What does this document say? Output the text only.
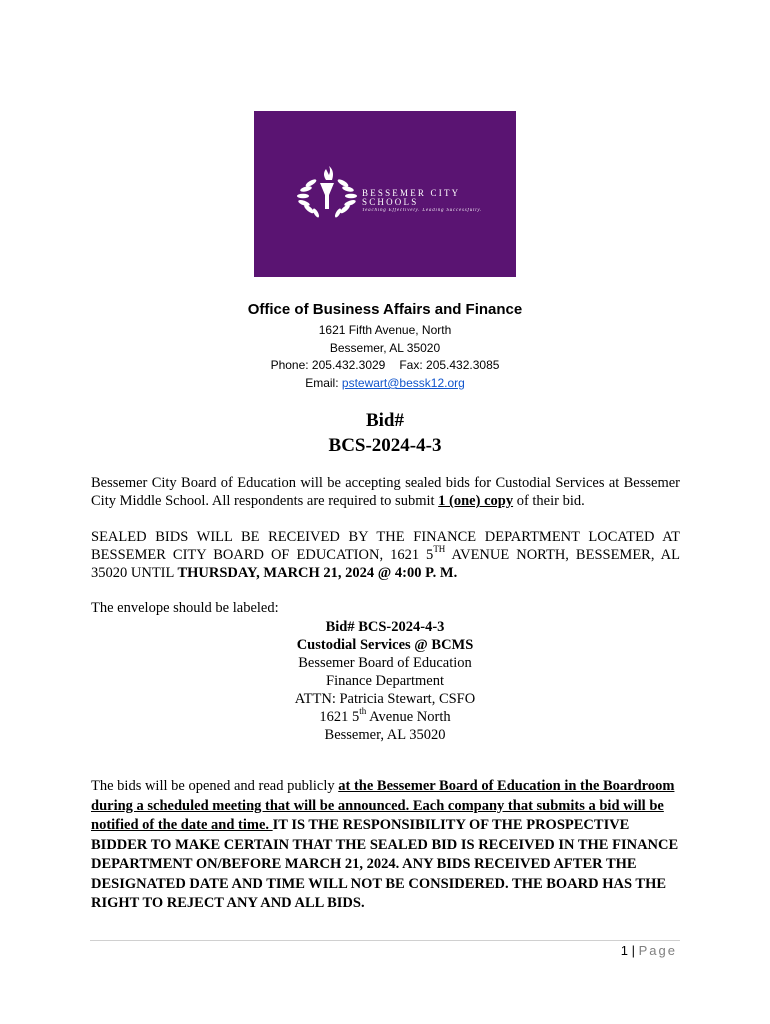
BESSEMER CITY
SCHOOLS
Teaching Effectively. Leading Successfully.
Office of Business Affairs and Finance
1621 Fifth Avenue, North
Bessemer, AL 35020
Phone: 205.432.3029 Fax: 205.432.3085
Email: pstewart@bessk12.org
Bid#
BCS-2024-4-3
Bessemer City Board of Education will be accepting sealed bids for Custodial Services at Bessemer City Middle School. All respondents are required to submit 1 (one) copy of their bid.
SEALED BIDS WILL BE RECEIVED BY THE FINANCE DEPARTMENT LOCATED AT BESSEMER CITY BOARD OF EDUCATION, 1621 5TH AVENUE NORTH, BESSEMER, AL 35020 UNTIL THURSDAY, MARCH 21, 2024 @ 4:00 P. M.
The envelope should be labeled:
Bid# BCS-2024-4-3
Custodial Services @ BCMS
Bessemer Board of Education
Finance Department
ATTN: Patricia Stewart, CSFO
1621 5th Avenue North
Bessemer, AL 35020
The bids will be opened and read publicly at the Bessemer Board of Education in the Boardroom during a scheduled meeting that will be announced. Each company that submits a bid will be notified of the date and time. IT IS THE RESPONSIBILITY OF THE PROSPECTIVE BIDDER TO MAKE CERTAIN THAT THE SEALED BID IS RECEIVED IN THE FINANCE DEPARTMENT ON/BEFORE MARCH 21, 2024. ANY BIDS RECEIVED AFTER THE DESIGNATED DATE AND TIME WILL NOT BE CONSIDERED. THE BOARD HAS THE RIGHT TO REJECT ANY AND ALL BIDS.
1 | Page
